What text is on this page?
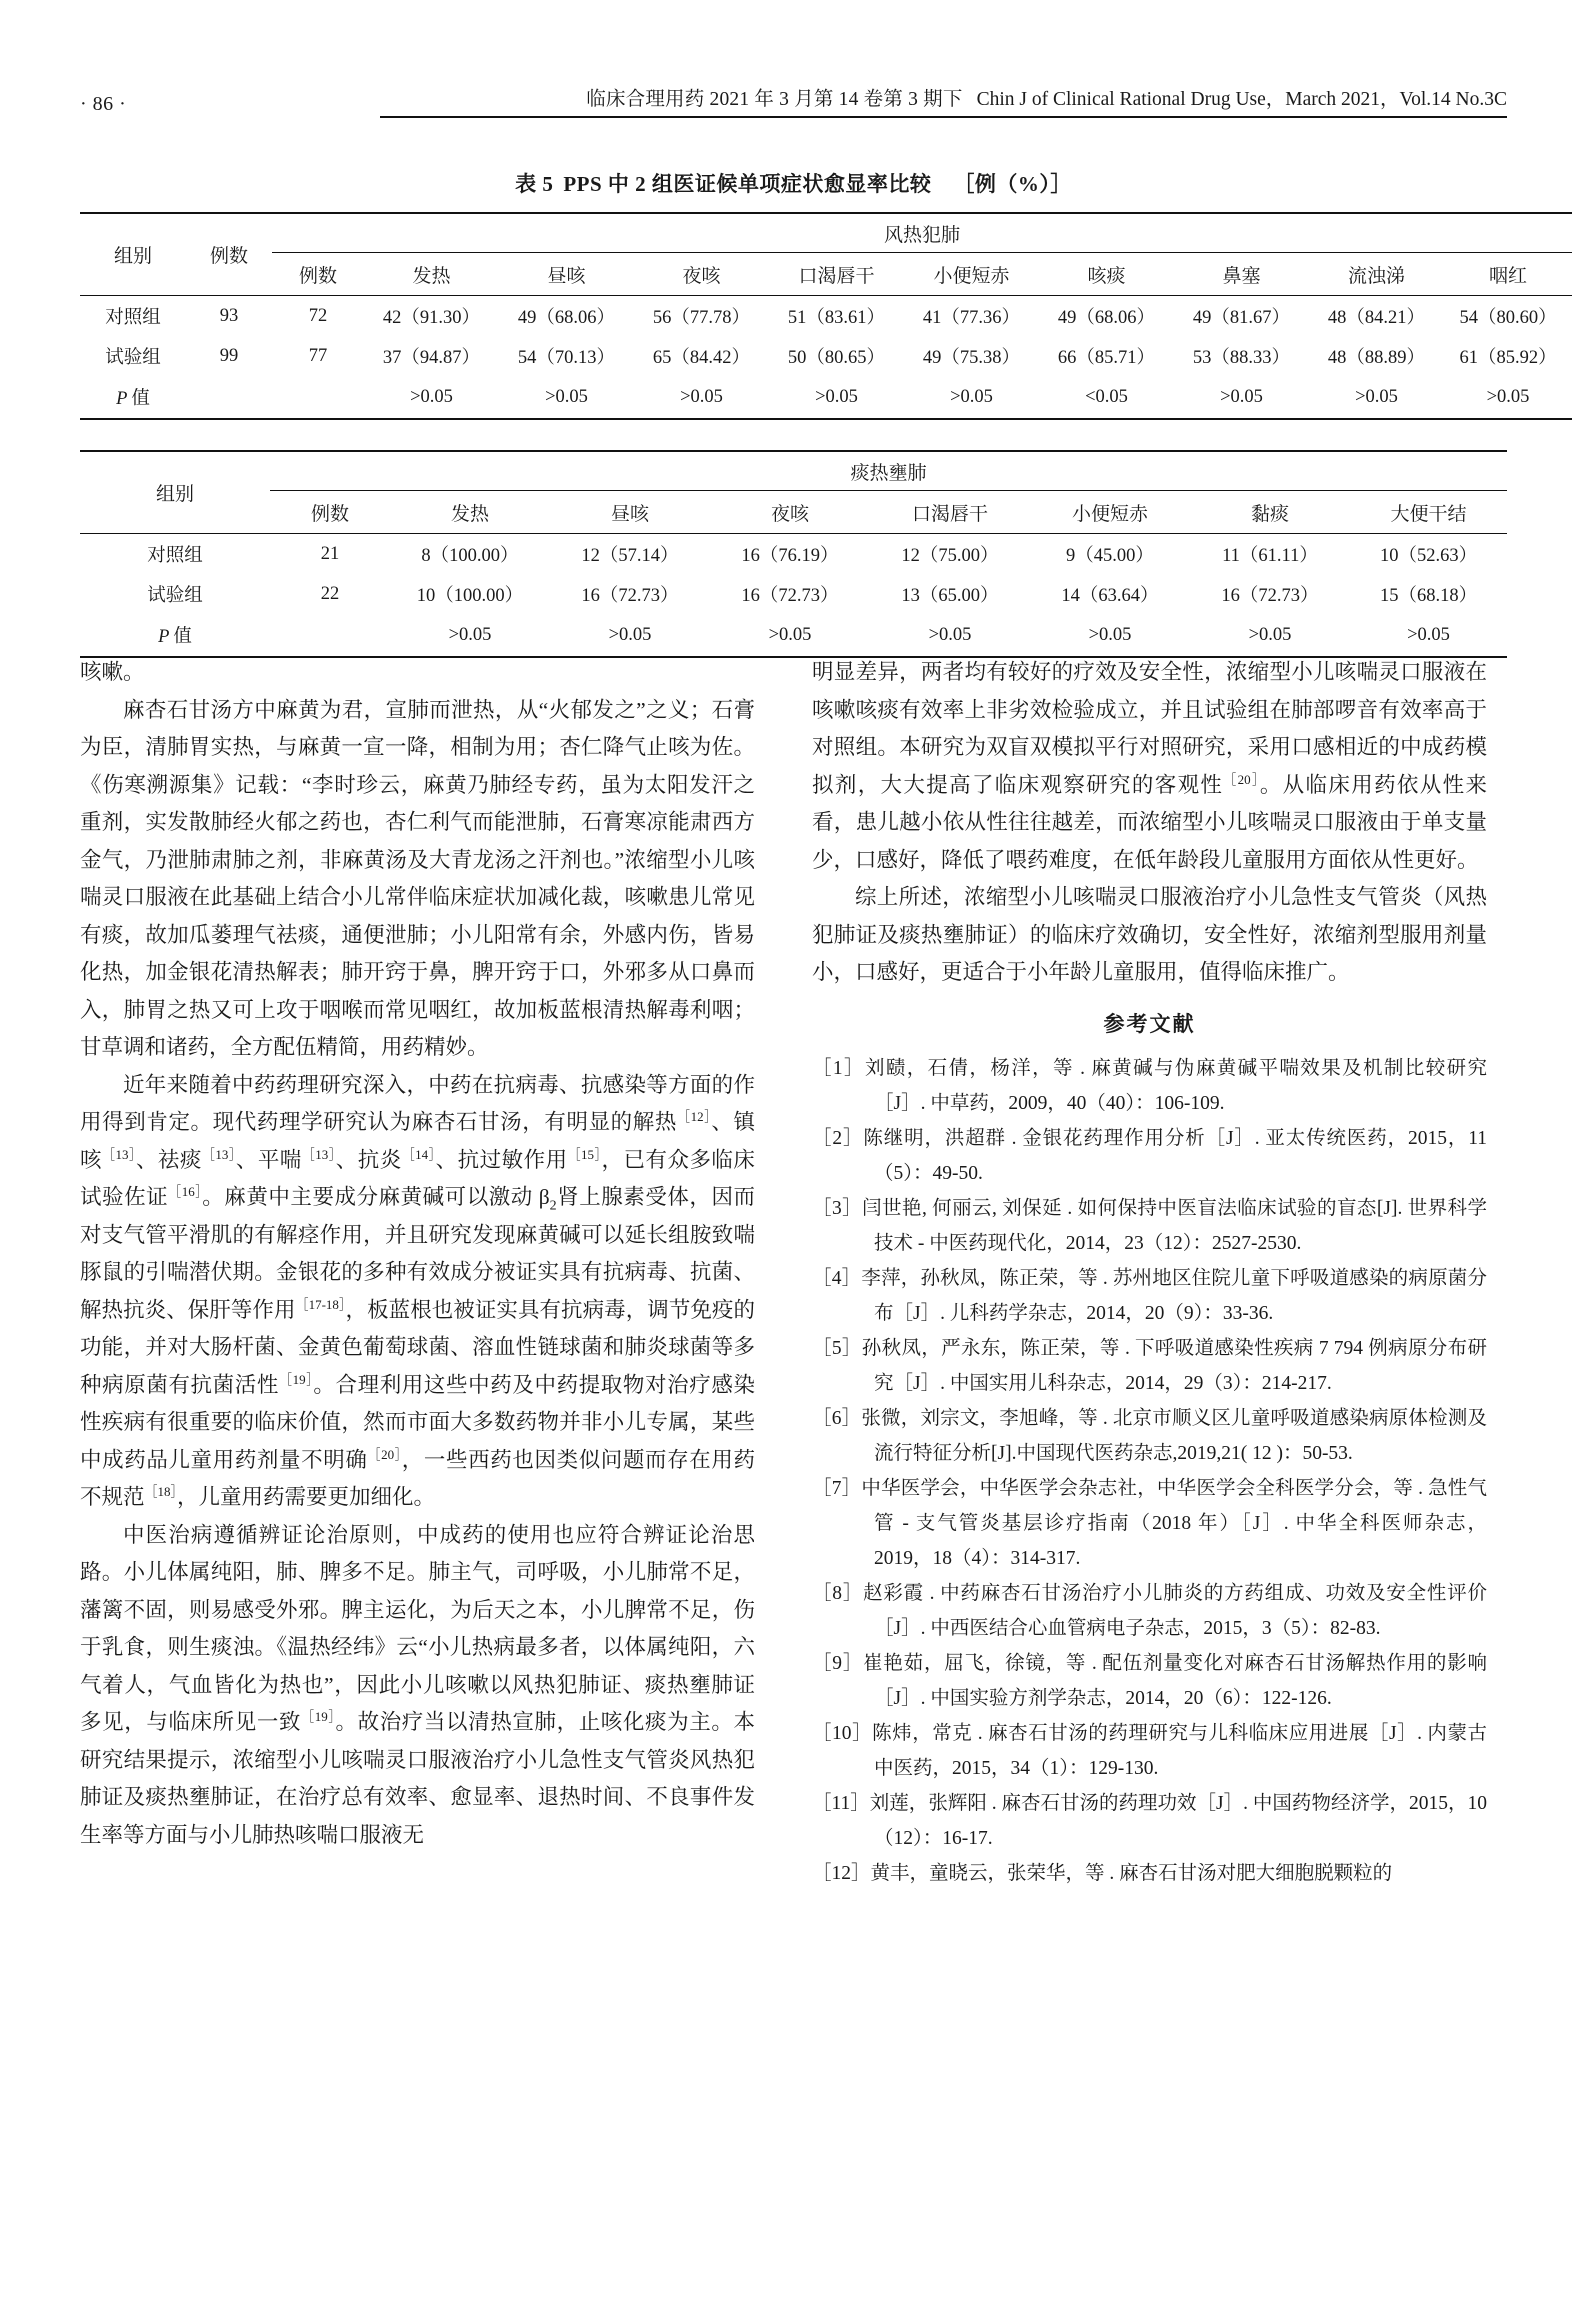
· 86 ·	临床合理用药 2021 年 3 月第 14 卷第 3 期下 Chin J of Clinical Rational Drug Use，March 2021，Vol.14 No.3C
表 5 PPS 中 2 组医证候单项症状愈显率比较 ［例（%）］
组别	例数	风热犯肺									
		例数	发热	昼咳	夜咳	口渴唇干	小便短赤	咳痰	鼻塞	流浊涕	咽红
对照组	93	72	42（91.30）	49（68.06）	56（77.78）	51（83.61）	41（77.36）	49（68.06）	49（81.67）	48（84.21）	54（80.60）
试验组	99	77	37（94.87）	54（70.13）	65（84.42）	50（80.65）	49（75.38）	66（85.71）	53（88.33）	48（88.89）	61（85.92）
P 值			>0.05	>0.05	>0.05	>0.05	>0.05	<0.05	>0.05	>0.05	>0.05
组别	痰热壅肺							
	例数	发热	昼咳	夜咳	口渴唇干	小便短赤	黏痰	大便干结
对照组	21	8（100.00）	12（57.14）	16（76.19）	12（75.00）	9（45.00）	11（61.11）	10（52.63）
试验组	22	10（100.00）	16（72.73）	16（72.73）	13（65.00）	14（63.64）	16（72.73）	15（68.18）
P 值		>0.05	>0.05	>0.05	>0.05	>0.05	>0.05	>0.05

咳嗽。

麻杏石甘汤方中麻黄为君，宣肺而泄热，从“火郁发之”之义；石膏为臣，清肺胃实热，与麻黄一宣一降，相制为用；杏仁降气止咳为佐。《伤寒溯源集》记载：“李时珍云，麻黄乃肺经专药，虽为太阳发汗之重剂，实发散肺经火郁之药也，杏仁利气而能泄肺，石膏寒凉能肃西方金气，乃泄肺肃肺之剂，非麻黄汤及大青龙汤之汗剂也。”浓缩型小儿咳喘灵口服液在此基础上结合小儿常伴临床症状加减化裁，咳嗽患儿常见有痰，故加瓜蒌理气祛痰，通便泄肺；小儿阳常有余，外感内伤，皆易化热，加金银花清热解表；肺开窍于鼻，脾开窍于口，外邪多从口鼻而入，肺胃之热又可上攻于咽喉而常见咽红，故加板蓝根清热解毒利咽；甘草调和诸药，全方配伍精简，用药精妙。

近年来随着中药药理研究深入，中药在抗病毒、抗感染等方面的作用得到肯定。现代药理学研究认为麻杏石甘汤，有明显的解热$^{[12]}$、镇咳$^{[13]}$、祛痰$^{[13]}$、平喘$^{[13]}$、抗炎$^{[14]}$、抗过敏作用$^{[15]}$，已有众多临床试验佐证$^{[16]}$。麻黄中主要成分麻黄碱可以激动 $\beta_2$肾上腺素受体，因而对支气管平滑肌的有解痉作用，并且研究发现麻黄碱可以延长组胺致喘豚鼠的引喘潜伏期。金银花的多种有效成分被证实具有抗病毒、抗菌、解热抗炎、保肝等作用$^{[17-18]}$，板蓝根也被证实具有抗病毒，调节免疫的功能，并对大肠杆菌、金黄色葡萄球菌、溶血性链球菌和肺炎球菌等多种病原菌有抗菌活性$^{[19]}$。合理利用这些中药及中药提取物对治疗感染性疾病有很重要的临床价值，然而市面大多数药物并非小儿专属，某些中成药品儿童用药剂量不明确$^{[20]}$，一些西药也因类似问题而存在用药不规范$^{[18]}$，儿童用药需要更加细化。

中医治病遵循辨证论治原则，中成药的使用也应符合辨证论治思路。小儿体属纯阳，肺、脾多不足。肺主气，司呼吸，小儿肺常不足，藩篱不固，则易感受外邪。脾主运化，为后天之本，小儿脾常不足，伤于乳食，则生痰浊。《温热经纬》云“小儿热病最多者，以体属纯阳，六气着人，气血皆化为热也”，因此小儿咳嗽以风热犯肺证、痰热壅肺证多见，与临床所见一致$^{[19]}$。故治疗当以清热宣肺，止咳化痰为主。本研究结果提示，浓缩型小儿咳喘灵口服液治疗小儿急性支气管炎风热犯肺证及痰热壅肺证，在治疗总有效率、愈显率、退热时间、不良事件发生率等方面与小儿肺热咳喘口服液无

明显差异，两者均有较好的疗效及安全性，浓缩型小儿咳喘灵口服液在咳嗽咳痰有效率上非劣效检验成立，并且试验组在肺部啰音有效率高于对照组。本研究为双盲双模拟平行对照研究，采用口感相近的中成药模拟剂，大大提高了临床观察研究的客观性$^{[20]}$。从临床用药依从性来看，患儿越小依从性往往越差，而浓缩型小儿咳喘灵口服液由于单支量少，口感好，降低了喂药难度，在低年龄段儿童服用方面依从性更好。

综上所述，浓缩型小儿咳喘灵口服液治疗小儿急性支气管炎（风热犯肺证及痰热壅肺证）的临床疗效确切，安全性好，浓缩剂型服用剂量小，口感好，更适合于小年龄儿童服用，值得临床推广。

参考文献

［1］刘赜，石倩，杨洋，等 . 麻黄碱与伪麻黄碱平喘效果及机制比较研究［J］. 中草药，2009，40（40）：106-109.

［2］陈继明，洪超群 . 金银花药理作用分析［J］. 亚太传统医药，2015，11（5）：49-50.

［3］闫世艳, 何丽云, 刘保延 . 如何保持中医盲法临床试验的盲态[J]. 世界科学技术 - 中医药现代化，2014，23（12）：2527-2530.

［4］李萍，孙秋凤，陈正荣，等 . 苏州地区住院儿童下呼吸道感染的病原菌分布［J］. 儿科药学杂志，2014，20（9）：33-36.

［5］孙秋凤，严永东，陈正荣，等 . 下呼吸道感染性疾病 7 794 例病原分布研究［J］. 中国实用儿科杂志，2014，29（3）：214-217.

［6］张微，刘宗文，李旭峰，等 . 北京市顺义区儿童呼吸道感染病原体检测及流行特征分析[J].中国现代医药杂志,2019,21( 12 )：50-53.

［7］中华医学会，中华医学会杂志社，中华医学会全科医学分会，等 . 急性气管 - 支气管炎基层诊疗指南（2018 年）［J］. 中华全科医师杂志，2019，18（4）：314-317.

［8］赵彩霞 . 中药麻杏石甘汤治疗小儿肺炎的方药组成、功效及安全性评价［J］. 中西医结合心血管病电子杂志，2015，3（5）：82-83.

［9］崔艳茹，屈飞，徐镜，等 . 配伍剂量变化对麻杏石甘汤解热作用的影响［J］. 中国实验方剂学杂志，2014，20（6）：122-126.

［10］陈炜，常克 . 麻杏石甘汤的药理研究与儿科临床应用进展［J］. 内蒙古中医药，2015，34（1）：129-130.

［11］刘莲，张辉阳 . 麻杏石甘汤的药理功效［J］. 中国药物经济学，2015，10（12）：16-17.

［12］黄丰，童晓云，张荣华，等 . 麻杏石甘汤对肥大细胞脱颗粒的
